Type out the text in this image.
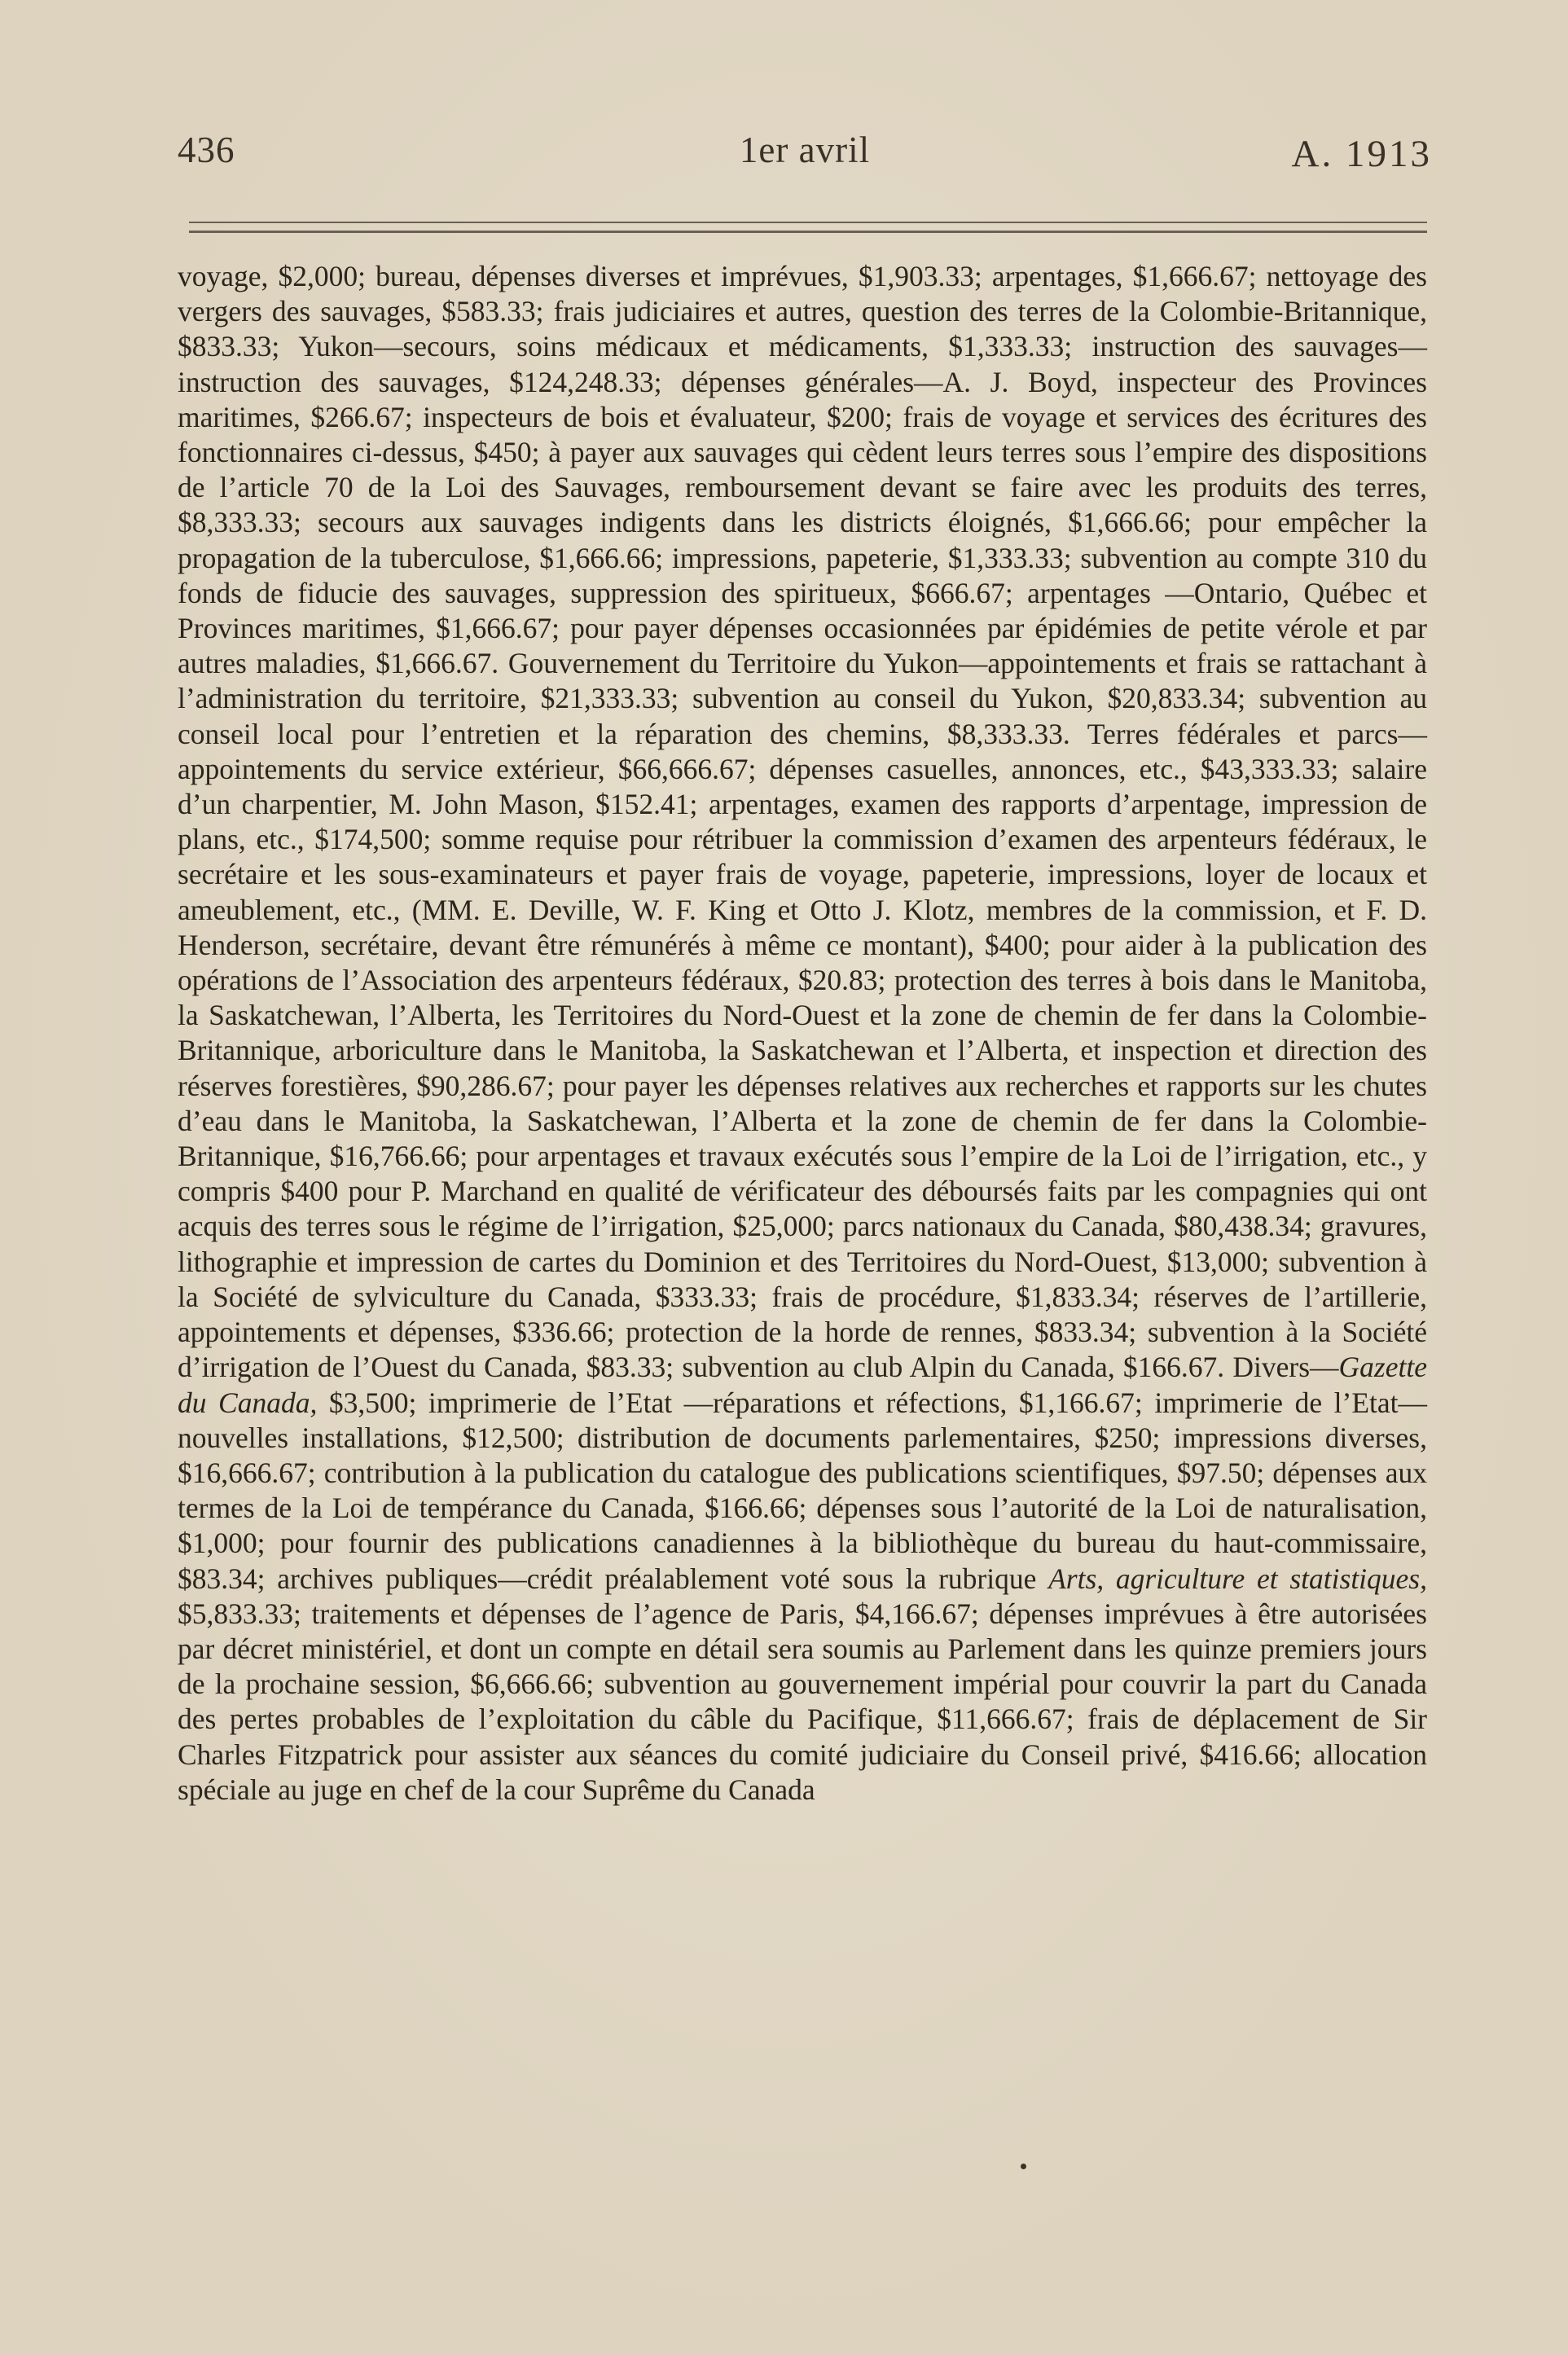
436	1er avril	A. 1913
voyage, $2,000; bureau, dépenses diverses et imprévues, $1,903.33; arpentages, $1,666.67; nettoyage des vergers des sauvages, $583.33; frais judiciaires et autres, question des terres de la Colombie-Britannique, $833.33; Yukon—secours, soins médicaux et médicaments, $1,333.33; instruction des sauvages—instruction des sauvages, $124,248.33; dépenses générales—A. J. Boyd, inspecteur des Provinces maritimes, $266.67; inspecteurs de bois et évaluateur, $200; frais de voyage et services des écritures des fonctionnaires ci-dessus, $450; à payer aux sauvages qui cèdent leurs terres sous l’empire des dispositions de l’article 70 de la Loi des Sauvages, remboursement devant se faire avec les produits des terres, $8,333.33; secours aux sauvages indigents dans les districts éloignés, $1,666.66; pour empêcher la propagation de la tuberculose, $1,666.66; impressions, papeterie, $1,333.33; subvention au compte 310 du fonds de fiducie des sauvages, suppression des spiritueux, $666.67; arpentages —Ontario, Québec et Provinces maritimes, $1,666.67; pour payer dépenses occasionnées par épidémies de petite vérole et par autres maladies, $1,666.67. Gouvernement du Territoire du Yukon—appointements et frais se rattachant à l’administration du territoire, $21,333.33; subvention au conseil du Yukon, $20,833.34; subvention au conseil local pour l’entretien et la réparation des chemins, $8,333.33. Terres fédérales et parcs—appointements du service extérieur, $66,666.67; dépenses casuelles, annonces, etc., $43,333.33; salaire d’un charpentier, M. John Mason, $152.41; arpentages, examen des rapports d’arpentage, impression de plans, etc., $174,500; somme requise pour rétribuer la commission d’examen des arpenteurs fédéraux, le secrétaire et les sous-examinateurs et payer frais de voyage, papeterie, impressions, loyer de locaux et ameublement, etc., (MM. E. Deville, W. F. King et Otto J. Klotz, membres de la commission, et F. D. Henderson, secrétaire, devant être rémunérés à même ce montant), $400; pour aider à la publication des opérations de l’Association des arpenteurs fédéraux, $20.83; protection des terres à bois dans le Manitoba, la Saskatchewan, l’Alberta, les Territoires du Nord-Ouest et la zone de chemin de fer dans la Colombie-Britannique, arboriculture dans le Manitoba, la Saskatchewan et l’Alberta, et inspection et direction des réserves forestières, $90,286.67; pour payer les dépenses relatives aux recherches et rapports sur les chutes d’eau dans le Manitoba, la Saskatchewan, l’Alberta et la zone de chemin de fer dans la Colombie-Britannique, $16,766.66; pour arpentages et travaux exécutés sous l’empire de la Loi de l’irrigation, etc., y compris $400 pour P. Marchand en qualité de vérificateur des déboursés faits par les compagnies qui ont acquis des terres sous le régime de l’irrigation, $25,000; parcs nationaux du Canada, $80,438.34; gravures, lithographie et impression de cartes du Dominion et des Territoires du Nord-Ouest, $13,000; subvention à la Société de sylviculture du Canada, $333.33; frais de procédure, $1,833.34; réserves de l’artillerie, appointements et dépenses, $336.66; protection de la horde de rennes, $833.34; subvention à la Société d’irrigation de l’Ouest du Canada, $83.33; subvention au club Alpin du Canada, $166.67. Divers—Gazette du Canada, $3,500; imprimerie de l’Etat —réparations et réfections, $1,166.67; imprimerie de l’Etat—nouvelles installations, $12,500; distribution de documents parlementaires, $250; impressions diverses, $16,666.67; contribution à la publication du catalogue des publications scientifiques, $97.50; dépenses aux termes de la Loi de tempérance du Canada, $166.66; dépenses sous l’autorité de la Loi de naturalisation, $1,000; pour fournir des publications canadiennes à la bibliothèque du bureau du haut-commissaire, $83.34; archives publiques—crédit préalablement voté sous la rubrique Arts, agriculture et statistiques, $5,833.33; traitements et dépenses de l’agence de Paris, $4,166.67; dépenses imprévues à être autorisées par décret ministériel, et dont un compte en détail sera soumis au Parlement dans les quinze premiers jours de la prochaine session, $6,666.66; subvention au gouvernement impérial pour couvrir la part du Canada des pertes probables de l’exploitation du câble du Pacifique, $11,666.67; frais de déplacement de Sir Charles Fitzpatrick pour assister aux séances du comité judiciaire du Conseil privé, $416.66; allocation spéciale au juge en chef de la cour Suprême du Canada
